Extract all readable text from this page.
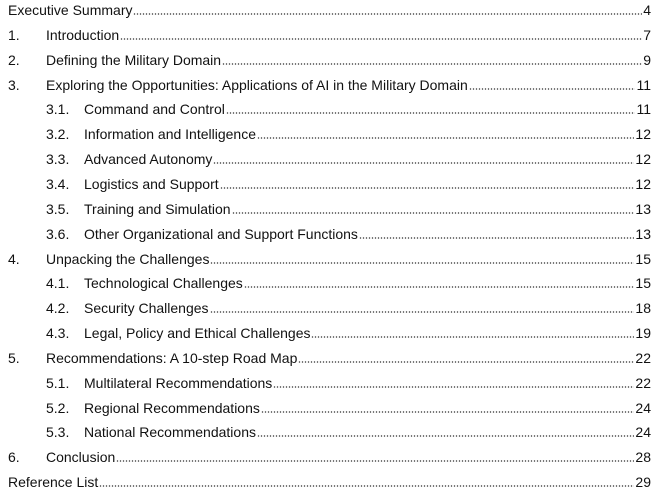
Executive Summary	4
1. Introduction	7
2. Defining the Military Domain	9
3. Exploring the Opportunities: Applications of AI in the Military Domain	11
3.1. Command and Control	11
3.2. Information and Intelligence	12
3.3. Advanced Autonomy	12
3.4. Logistics and Support	12
3.5. Training and Simulation	13
3.6. Other Organizational and Support Functions	13
4. Unpacking the Challenges	15
4.1. Technological Challenges	15
4.2. Security Challenges	18
4.3. Legal, Policy and Ethical Challenges	19
5. Recommendations: A 10-step Road Map	22
5.1. Multilateral Recommendations	22
5.2. Regional Recommendations	24
5.3. National Recommendations	24
6. Conclusion	28
Reference List	29
